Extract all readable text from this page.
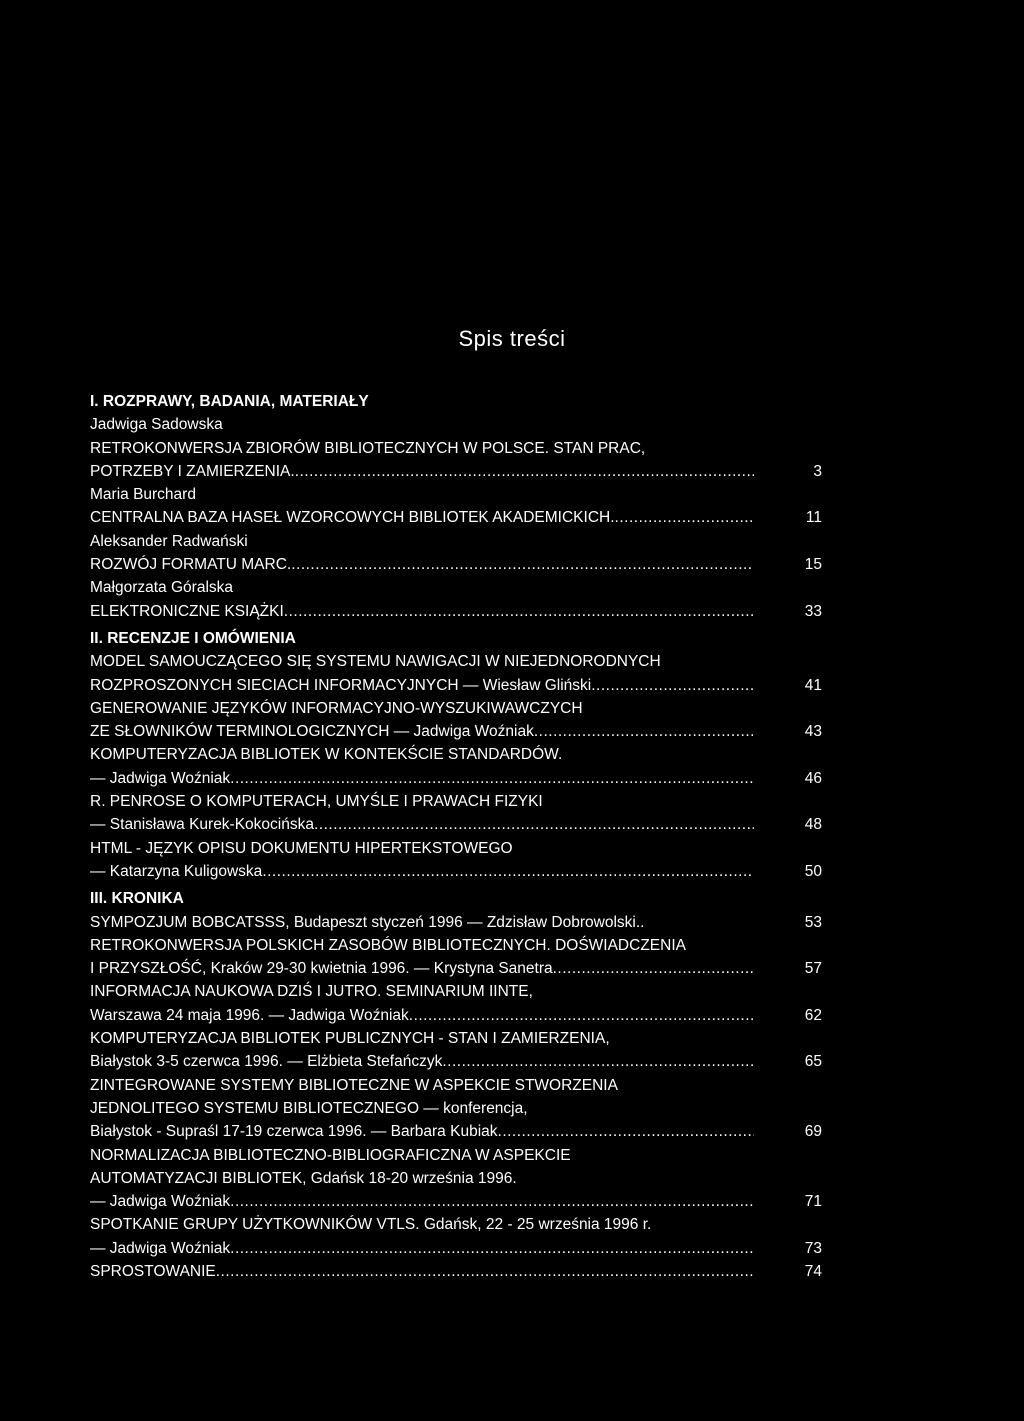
Spis treści
I. ROZPRAWY, BADANIA, MATERIAŁY
Jadwiga Sadowska
RETROKONWERSJA ZBIORÓW BIBLIOTECZNYCH W POLSCE. STAN PRAC,
POTRZEBY I ZAMIERZENIA. .....	3
Maria Burchard
CENTRALNA BAZA HASEŁ WZORCOWYCH BIBLIOTEK AKADEMICKICH. .....	11
Aleksander Radwański
ROZWÓJ FORMATU MARC. .....	15
Małgorzata Góralska
ELEKTRONICZNE KSIĄŻKI .....	33
II. RECENZJE I OMÓWIENIA
MODEL SAMOUCZĄCEGO SIĘ SYSTEMU NAWIGACJI W NIEJEDNORODNYCH
ROZPROSZONYCH SIECIACH INFORMACYJNYCH — Wiesław Gliński .....	41
GENEROWANIE JĘZYKÓW INFORMACYJNO-WYSZUKIWAWCZYCH
ZE SŁOWNIKÓW TERMINOLOGICZNYCH — Jadwiga Woźniak .....	43
KOMPUTERYZACJA BIBLIOTEK W KONTEKŚCIE STANDARDÓW.
— Jadwiga Woźniak .....	46
R. PENROSE O KOMPUTERACH, UMYŚLE I PRAWACH FIZYKI
— Stanisława Kurek-Kokocińska .....	48
HTML - JĘZYK OPISU DOKUMENTU HIPERTEKSTOWEGO
— Katarzyna Kuligowska .....	50
III. KRONIKA
SYMPOZJUM BOBCATSSS, Budapeszt styczeń 1996 — Zdzisław Dobrowolski..	53
RETROKONWERSJA POLSKICH ZASOBÓW BIBLIOTECZNYCH. DOŚWIADCZENIA
I PRZYSZŁOŚĆ, Kraków 29-30 kwietnia 1996. — Krystyna Sanetra .....	57
INFORMACJA NAUKOWA DZIŚ I JUTRO. SEMINARIUM IINTE,
Warszawa 24 maja 1996. — Jadwiga Woźniak .....	62
KOMPUTERYZACJA BIBLIOTEK PUBLICZNYCH - STAN I ZAMIERZENIA,
Białystok 3-5 czerwca 1996. — Elżbieta Stefańczyk .....	65
ZINTEGROWANE SYSTEMY BIBLIOTECZNE W ASPEKCIE STWORZENIA
JEDNOLITEGO SYSTEMU BIBLIOTECZNEGO — konferencja,
Białystok - Supraśl 17-19 czerwca 1996. — Barbara Kubiak .....	69
NORMALIZACJA BIBLIOTECZNO-BIBLIOGRAFICZNA W ASPEKCIE
AUTOMATYZACJI BIBLIOTEK, Gdańsk 18-20 września 1996.
— Jadwiga Woźniak .....	71
SPOTKANIE GRUPY UŻYTKOWNIKÓW VTLS. Gdańsk, 22 - 25 września 1996 r.
— Jadwiga Woźniak .....	73
SPROSTOWANIE .....	74
